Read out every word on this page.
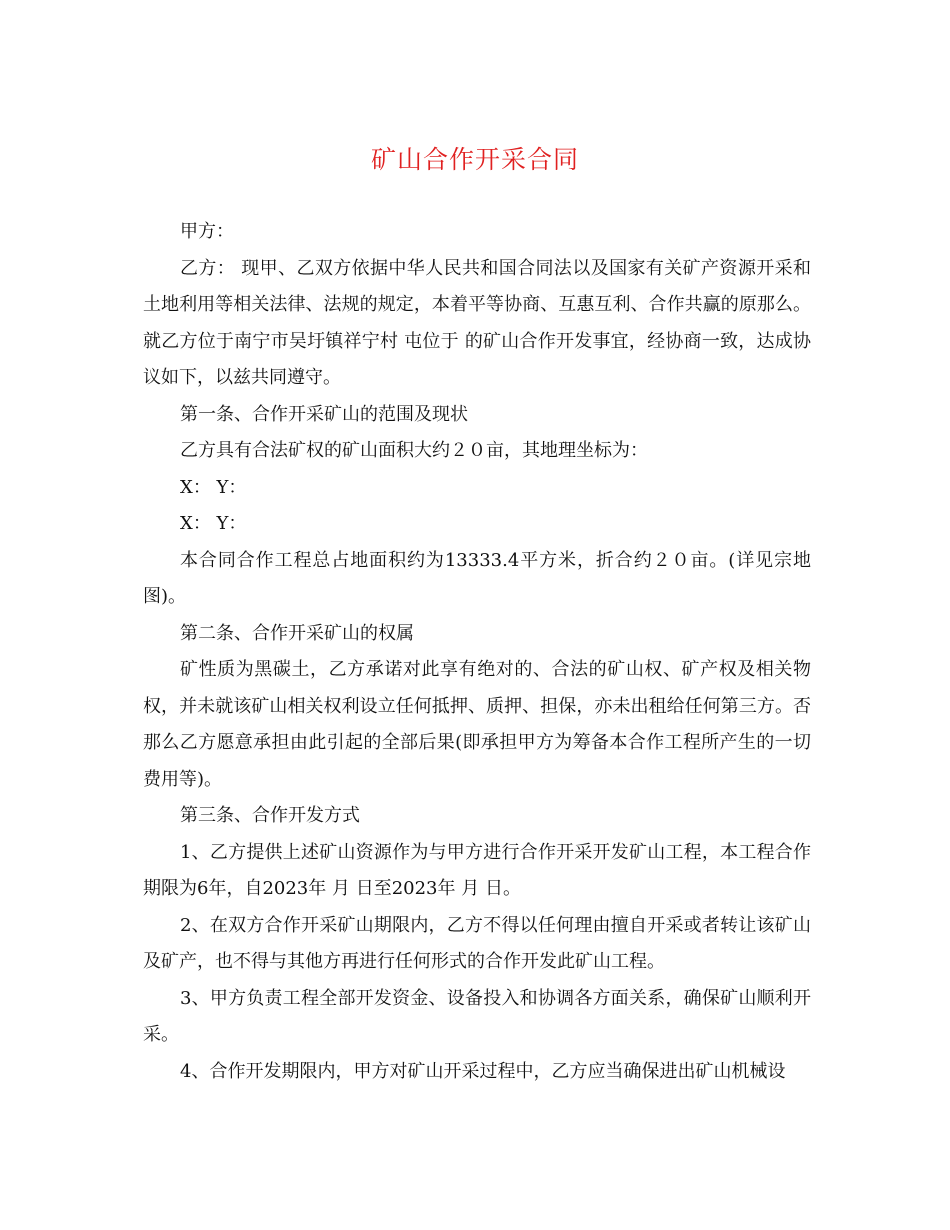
矿山合作开采合同

甲方：

乙方： 现甲、乙双方依据中华人民共和国合同法以及国家有关矿产资源开采和土地利用等相关法律、法规的规定，本着平等协商、互惠互利、合作共赢的原那么。就乙方位于南宁市吴圩镇祥宁村 屯位于 的矿山合作开发事宜，经协商一致，达成协议如下，以兹共同遵守。

第一条、合作开采矿山的范围及现状

乙方具有合法矿权的矿山面积大约２０亩，其地理坐标为：

X： Y：

X： Y：

本合同合作工程总占地面积约为13333.4平方米，折合约２０亩。(详见宗地图)。

第二条、合作开采矿山的权属

矿性质为黑碳土，乙方承诺对此享有绝对的、合法的矿山权、矿产权及相关物权，并未就该矿山相关权利设立任何抵押、质押、担保，亦未出租给任何第三方。否那么乙方愿意承担由此引起的全部后果(即承担甲方为筹备本合作工程所产生的一切费用等)。

第三条、合作开发方式

1、乙方提供上述矿山资源作为与甲方进行合作开采开发矿山工程，本工程合作期限为6年，自2023年 月 日至2023年 月 日。

2、在双方合作开采矿山期限内，乙方不得以任何理由擅自开采或者转让该矿山及矿产，也不得与其他方再进行任何形式的合作开发此矿山工程。

3、甲方负责工程全部开发资金、设备投入和协调各方面关系，确保矿山顺利开采。

4、合作开发期限内，甲方对矿山开采过程中，乙方应当确保进出矿山机械设
